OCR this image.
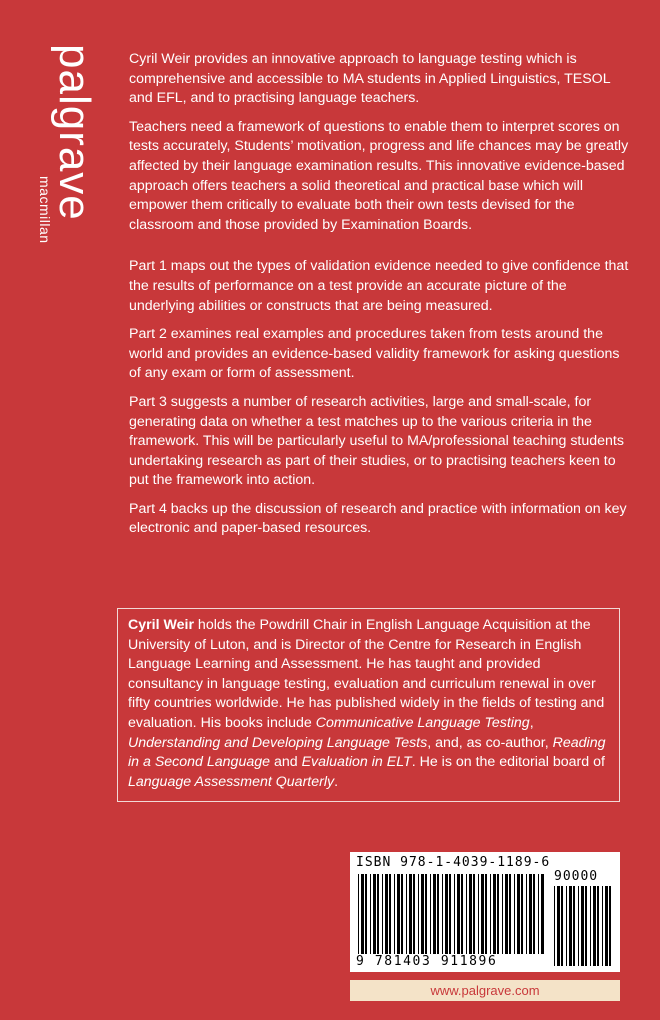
palgrave
macmillan

Cyril Weir provides an innovative approach to language testing which is comprehensive and accessible to MA students in Applied Linguistics, TESOL and EFL, and to practising language teachers.

Teachers need a framework of questions to enable them to interpret scores on tests accurately, Students’ motivation, progress and life chances may be greatly affected by their language examination results. This innovative evidence-based approach offers teachers a solid theoretical and practical base which will empower them critically to evaluate both their own tests devised for the classroom and those provided by Examination Boards.

Part 1 maps out the types of validation evidence needed to give confidence that the results of performance on a test provide an accurate picture of the underlying abilities or constructs that are being measured.

Part 2 examines real examples and procedures taken from tests around the world and provides an evidence-based validity framework for asking questions of any exam or form of assessment.

Part 3 suggests a number of research activities, large and small-scale, for generating data on whether a test matches up to the various criteria in the framework. This will be particularly useful to MA/professional teaching students undertaking research as part of their studies, or to practising teachers keen to put the framework into action.

Part 4 backs up the discussion of research and practice with information on key electronic and paper-based resources.

Cyril Weir holds the Powdrill Chair in English Language Acquisition at the University of Luton, and is Director of the Centre for Research in English Language Learning and Assessment. He has taught and provided consultancy in language testing, evaluation and curriculum renewal in over fifty countries worldwide. He has published widely in the fields of testing and evaluation. His books include Communicative Language Testing, Understanding and Developing Language Tests, and, as co-author, Reading in a Second Language and Evaluation in ELT. He is on the editorial board of Language Assessment Quarterly.
ISBN 978-1-4039-1189-6
90000
9 781403 911896
www.palgrave.com
